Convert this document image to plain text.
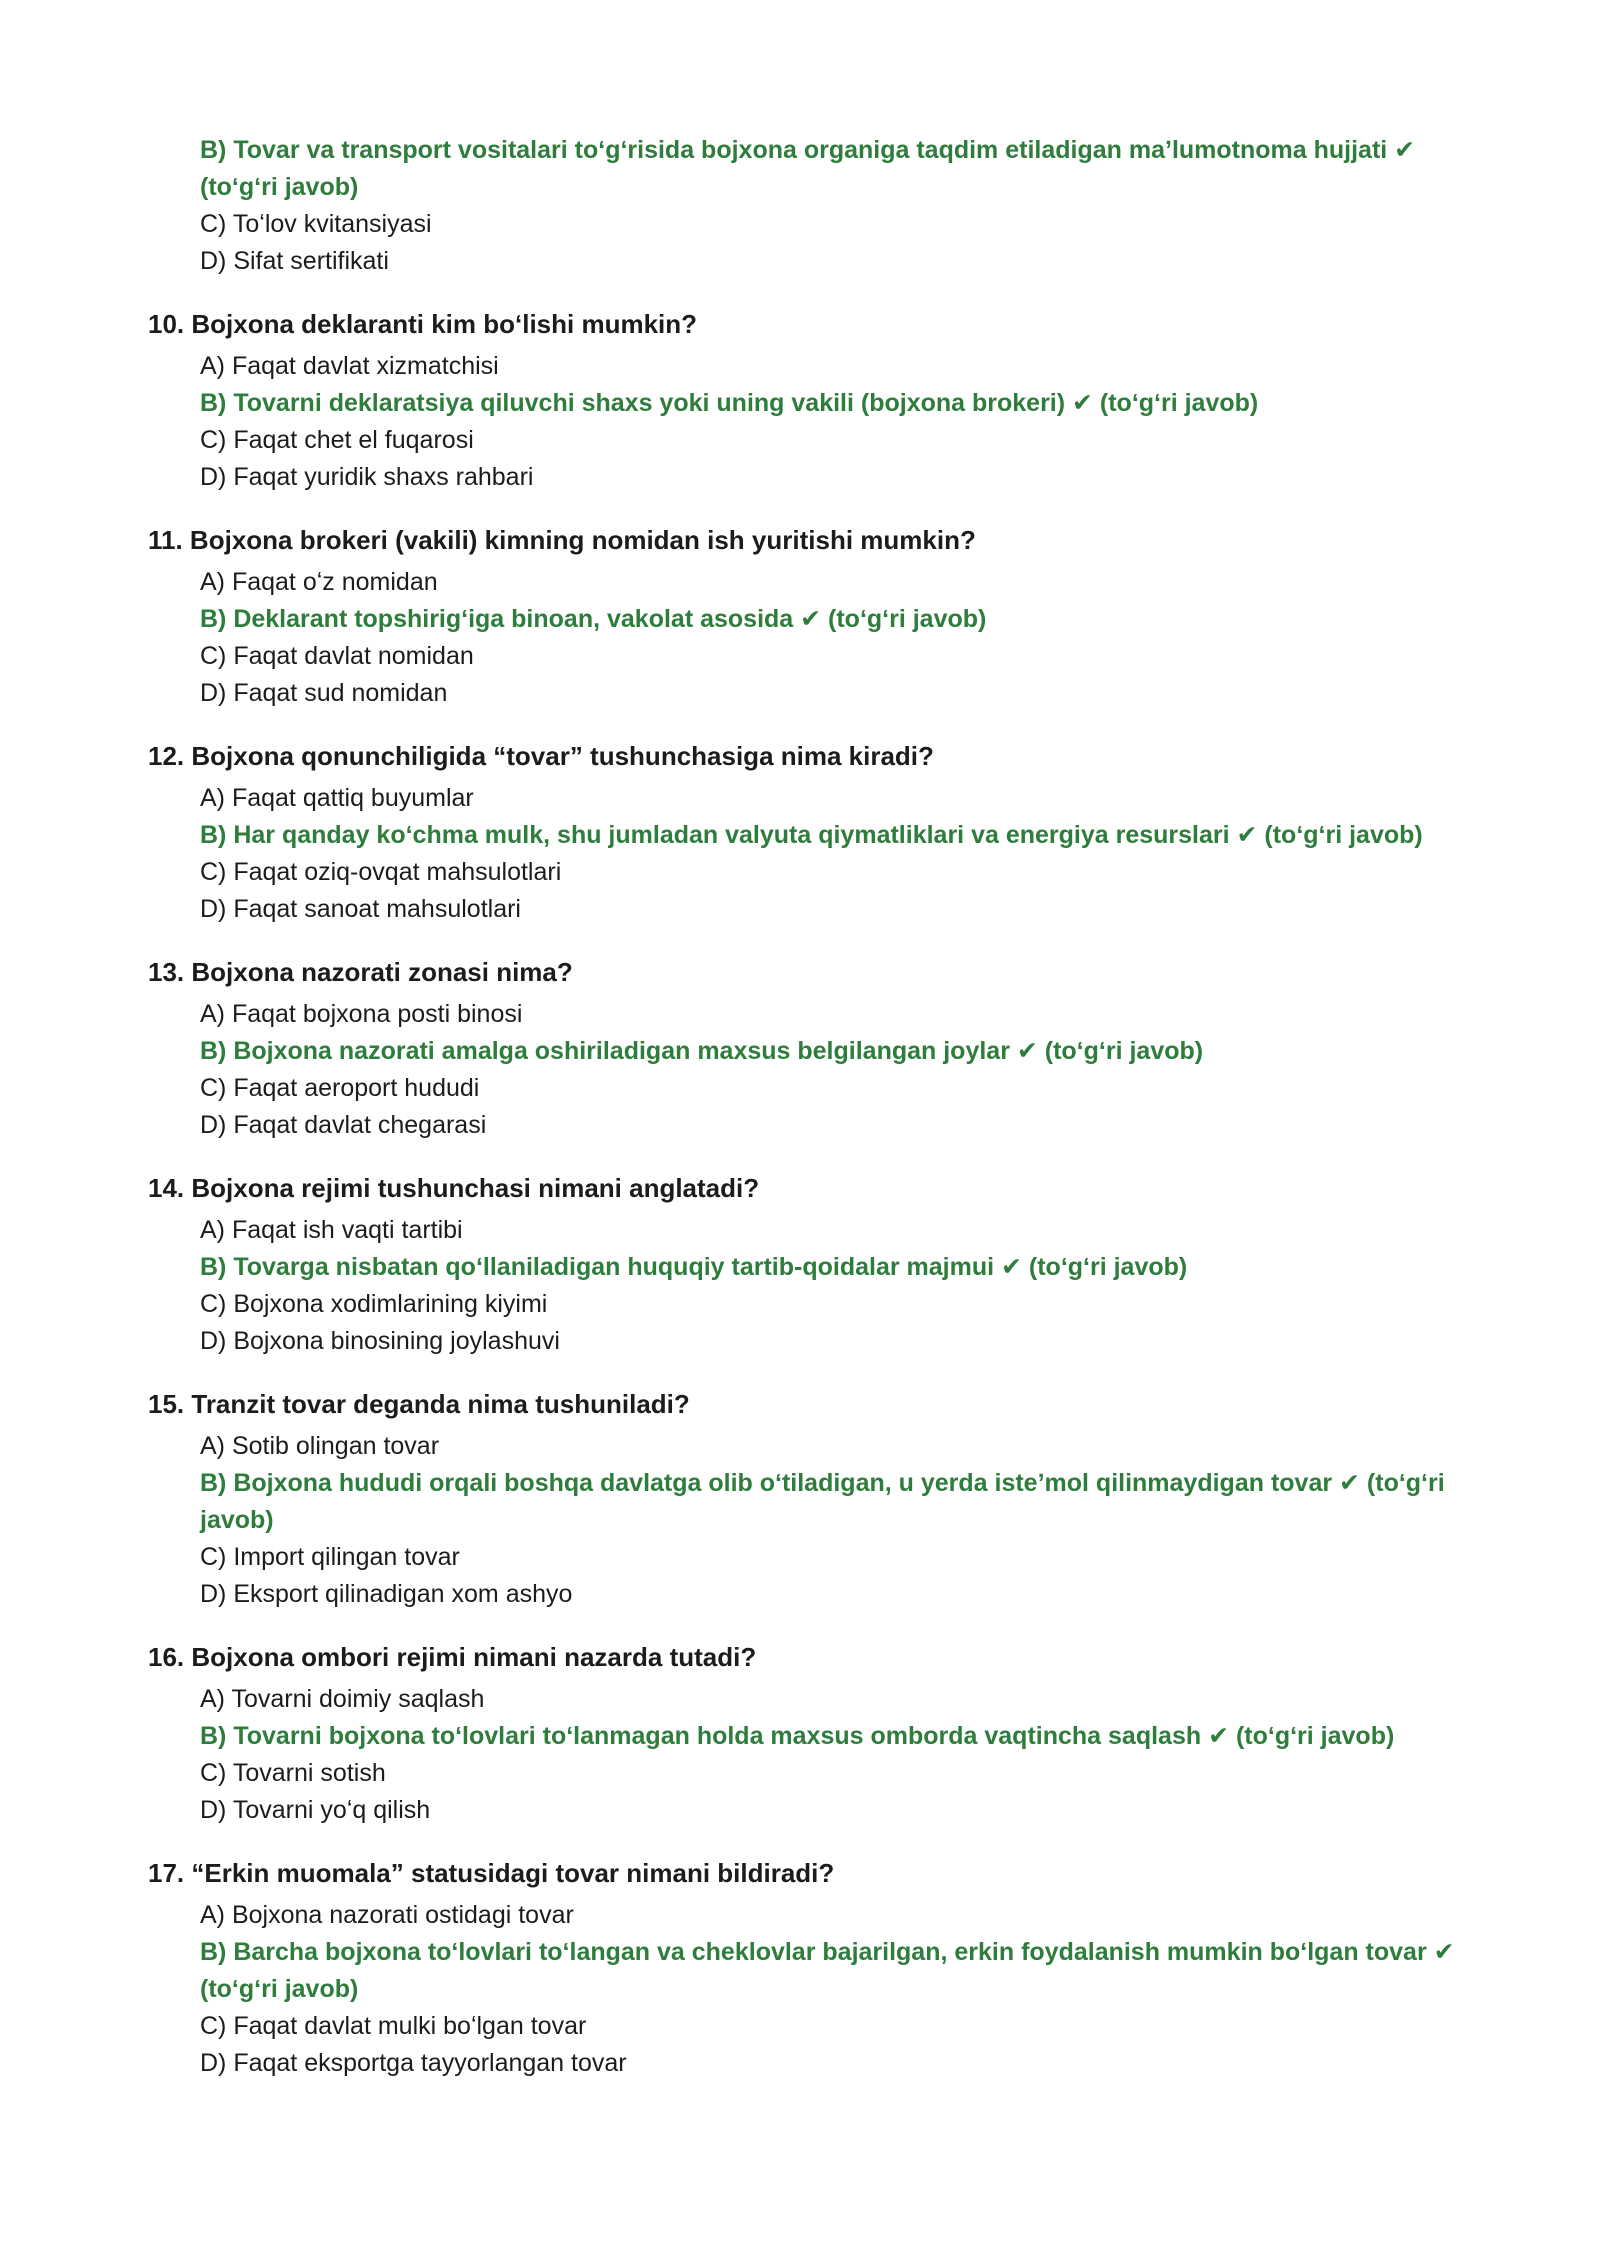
B) Tovar va transport vositalari toʻgʻrisida bojxona organiga taqdim etiladigan maʼlumotnoma hujjati ✔ (toʻgʻri javob)
C) Toʻlov kvitansiyasi
D) Sifat sertifikati
10. Bojxona deklaranti kim boʻlishi mumkin?
A) Faqat davlat xizmatchisi
B) Tovarni deklaratsiya qiluvchi shaxs yoki uning vakili (bojxona brokeri) ✔ (toʻgʻri javob)
C) Faqat chet el fuqarosi
D) Faqat yuridik shaxs rahbari
11. Bojxona brokeri (vakili) kimning nomidan ish yuritishi mumkin?
A) Faqat oʻz nomidan
B) Deklarant topshirigʻiga binoan, vakolat asosida ✔ (toʻgʻri javob)
C) Faqat davlat nomidan
D) Faqat sud nomidan
12. Bojxona qonunchiligida “tovar” tushunchasiga nima kiradi?
A) Faqat qattiq buyumlar
B) Har qanday koʻchma mulk, shu jumladan valyuta qiymatliklari va energiya resurslari ✔ (toʻgʻri javob)
C) Faqat oziq-ovqat mahsulotlari
D) Faqat sanoat mahsulotlari
13. Bojxona nazorati zonasi nima?
A) Faqat bojxona posti binosi
B) Bojxona nazorati amalga oshiriladigan maxsus belgilangan joylar ✔ (toʻgʻri javob)
C) Faqat aeroport hududi
D) Faqat davlat chegarasi
14. Bojxona rejimi tushunchasi nimani anglatadi?
A) Faqat ish vaqti tartibi
B) Tovarga nisbatan qoʻllaniladigan huquqiy tartib-qoidalar majmui ✔ (toʻgʻri javob)
C) Bojxona xodimlarining kiyimi
D) Bojxona binosining joylashuvi
15. Tranzit tovar deganda nima tushuniladi?
A) Sotib olingan tovar
B) Bojxona hududi orqali boshqa davlatga olib oʻtiladigan, u yerda isteʼmol qilinmaydigan tovar ✔ (toʻgʻri javob)
C) Import qilingan tovar
D) Eksport qilinadigan xom ashyo
16. Bojxona ombori rejimi nimani nazarda tutadi?
A) Tovarni doimiy saqlash
B) Tovarni bojxona toʻlovlari toʻlanmagan holda maxsus omborda vaqtincha saqlash ✔ (toʻgʻri javob)
C) Tovarni sotish
D) Tovarni yoʻq qilish
17. “Erkin muomala” statusidagi tovar nimani bildiradi?
A) Bojxona nazorati ostidagi tovar
B) Barcha bojxona toʻlovlari toʻlangan va cheklovlar bajarilgan, erkin foydalanish mumkin boʻlgan tovar ✔ (toʻgʻri javob)
C) Faqat davlat mulki boʻlgan tovar
D) Faqat eksportga tayyorlangan tovar
